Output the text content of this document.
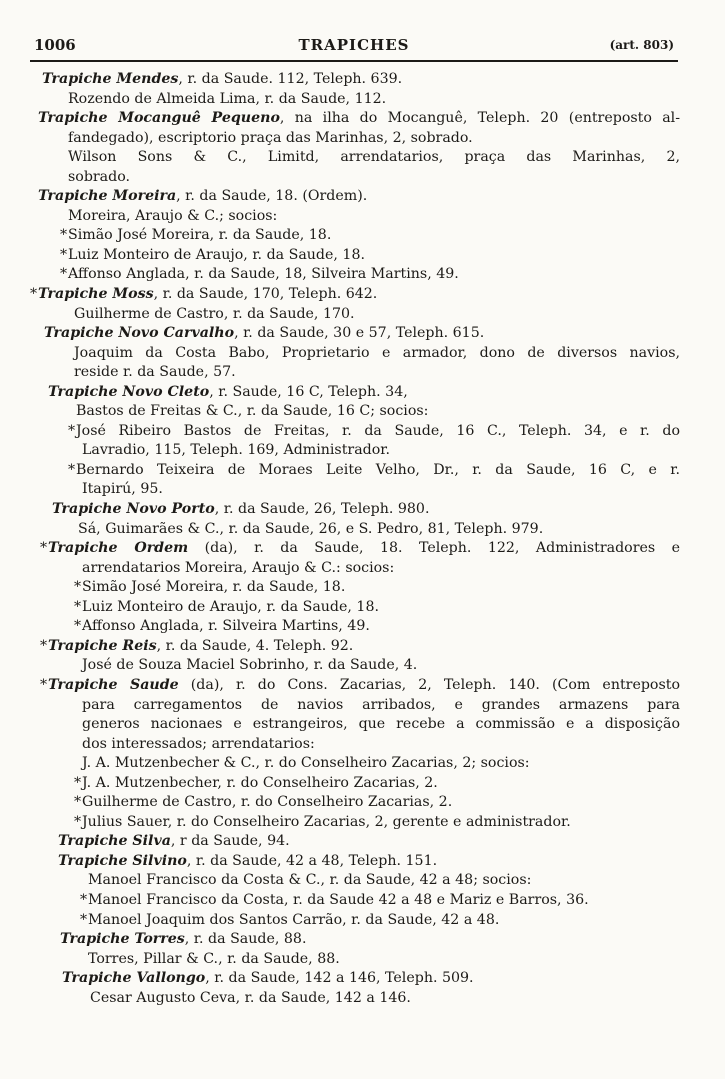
1006	TRAPICHES	(art. 803)
Trapiche Mendes, r. da Saude. 112, Teleph. 639.
Rozendo de Almeida Lima, r. da Saude, 112.
Trapiche Mocanguê Pequeno, na ilha do Mocanguê, Teleph. 20 (entreposto al-
fandegado), escriptorio praça das Marinhas, 2, sobrado.
Wilson Sons & C., Limitd, arrendatarios, praça das Marinhas, 2,
sobrado.
Trapiche Moreira, r. da Saude, 18. (Ordem).
Moreira, Araujo & C.; socios:
*Simão José Moreira, r. da Saude, 18.
*Luiz Monteiro de Araujo, r. da Saude, 18.
*Affonso Anglada, r. da Saude, 18, Silveira Martins, 49.
*Trapiche Moss, r. da Saude, 170, Teleph. 642.
Guilherme de Castro, r. da Saude, 170.
Trapiche Novo Carvalho, r. da Saude, 30 e 57, Teleph. 615.
Joaquim da Costa Babo, Proprietario e armador, dono de diversos navios,
reside r. da Saude, 57.
Trapiche Novo Cleto, r. Saude, 16 C, Teleph. 34,
Bastos de Freitas & C., r. da Saude, 16 C; socios:
*José Ribeiro Bastos de Freitas, r. da Saude, 16 C., Teleph. 34, e r. do
Lavradio, 115, Teleph. 169, Administrador.
*Bernardo Teixeira de Moraes Leite Velho, Dr., r. da Saude, 16 C, e r.
Itapirú, 95.
Trapiche Novo Porto, r. da Saude, 26, Teleph. 980.
Sá, Guimarães & C., r. da Saude, 26, e S. Pedro, 81, Teleph. 979.
*Trapiche Ordem (da), r. da Saude, 18. Teleph. 122, Administradores e
arrendatarios Moreira, Araujo & C.: socios:
*Simão José Moreira, r. da Saude, 18.
*Luiz Monteiro de Araujo, r. da Saude, 18.
*Affonso Anglada, r. Silveira Martins, 49.
*Trapiche Reis, r. da Saude, 4. Teleph. 92.
José de Souza Maciel Sobrinho, r. da Saude, 4.
*Trapiche Saude (da), r. do Cons. Zacarias, 2, Teleph. 140. (Com entreposto
para carregamentos de navios arribados, e grandes armazens para
generos nacionaes e estrangeiros, que recebe a commissão e a disposição
dos interessados; arrendatarios:
J. A. Mutzenbecher & C., r. do Conselheiro Zacarias, 2; socios:
*J. A. Mutzenbecher, r. do Conselheiro Zacarias, 2.
*Guilherme de Castro, r. do Conselheiro Zacarias, 2.
*Julius Sauer, r. do Conselheiro Zacarias, 2, gerente e administrador.
Trapiche Silva, r da Saude, 94.
Trapiche Silvino, r. da Saude, 42 a 48, Teleph. 151.
Manoel Francisco da Costa & C., r. da Saude, 42 a 48; socios:
*Manoel Francisco da Costa, r. da Saude 42 a 48 e Mariz e Barros, 36.
*Manoel Joaquim dos Santos Carrão, r. da Saude, 42 a 48.
Trapiche Torres, r. da Saude, 88.
Torres, Pillar & C., r. da Saude, 88.
Trapiche Vallongo, r. da Saude, 142 a 146, Teleph. 509.
Cesar Augusto Ceva, r. da Saude, 142 a 146.
